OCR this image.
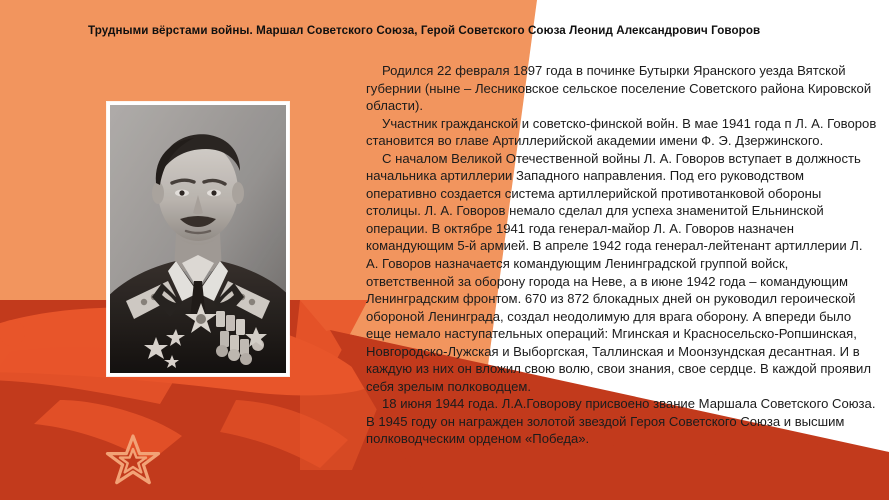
Трудными вёрстами войны. Маршал Советского Союза, Герой Советского Союза Леонид Александрович Говоров

Родился 22 февраля 1897 года в починке Бутырки Яранского уезда Вятской губернии (ныне – Лесниковское сельское поселение Советского района Кировской области).

Участник гражданской и советско-финской войн. В мае 1941 года п Л. А. Говоров становится во главе Артиллерийской академии имени Ф. Э. Дзержинского.

С началом Великой Отечественной войны Л. А. Говоров вступает в должность начальника артиллерии Западного направления. Под его руководством оперативно создается система артиллерийской противотанковой обороны столицы. Л. А. Говоров немало сделал для успеха знаменитой Ельнинской операции. В октябре 1941 года генерал-майор Л. А. Говоров назначен командующим 5-й армией. В апреле 1942 года генерал-лейтенант артиллерии Л. А. Говоров назначается командующим Ленинградской группой войск, ответственной за оборону города на Неве, а в июне 1942 года – командующим Ленинградским фронтом. 670 из 872 блокадных дней он руководил героической обороной Ленинграда, создал неодолимую для врага оборону. А впереди было еще немало наступательных операций: Мгинская и Красносельско-Ропшинская, Новгородско-Лужская и Выборгская, Таллинская и Моонзундская десантная. И в каждую из них он вложил свою волю, свои знания, свое сердце. В каждой проявил себя зрелым полководцем.

18 июня 1944 года. Л.А.Говорову присвоено звание Маршала Советского Союза. В 1945 году он награжден золотой звездой Героя Советского Союза и высшим полководческим орденом «Победа».
